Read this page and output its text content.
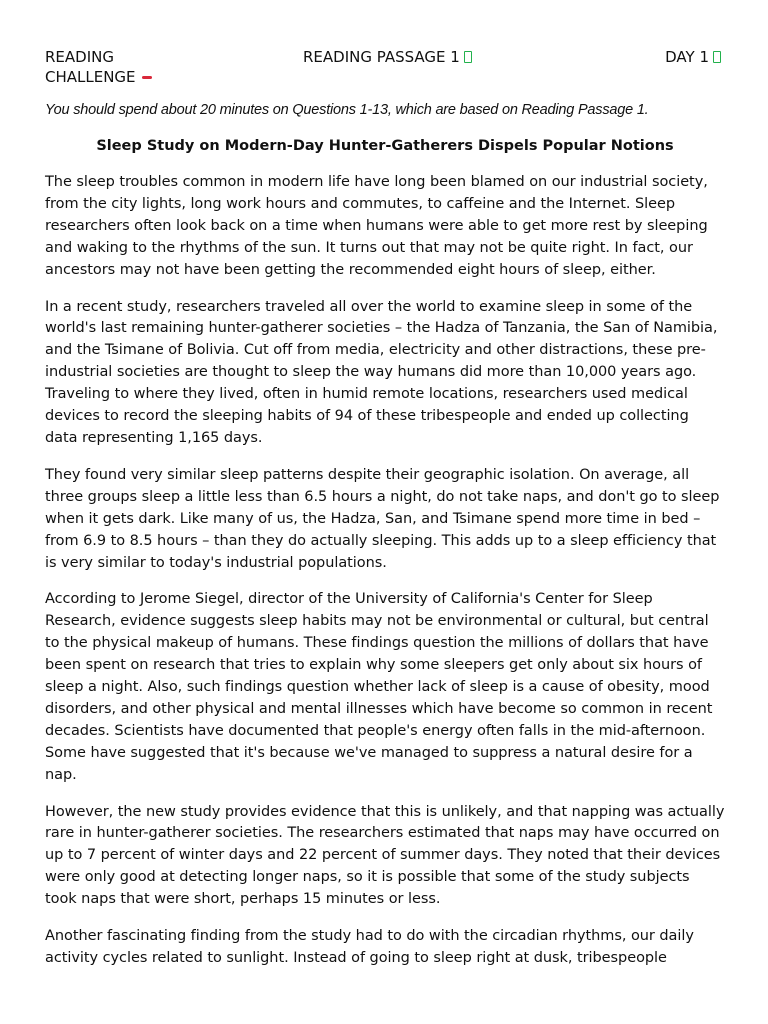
READING CHALLENGE
READING PASSAGE 1	DAY 1

You should spend about 20 minutes on Questions 1-13, which are based on Reading Passage 1.

Sleep Study on Modern-Day Hunter-Gatherers Dispels Popular Notions

The sleep troubles common in modern life have long been blamed on our industrial society, from the city lights, long work hours and commutes, to caffeine and the Internet. Sleep researchers often look back on a time when humans were able to get more rest by sleeping and waking to the rhythms of the sun. It turns out that may not be quite right. In fact, our ancestors may not have been getting the recommended eight hours of sleep, either.

In a recent study, researchers traveled all over the world to examine sleep in some of the world's last remaining hunter-gatherer societies – the Hadza of Tanzania, the San of Namibia, and the Tsimane of Bolivia. Cut off from media, electricity and other distractions, these pre-industrial societies are thought to sleep the way humans did more than 10,000 years ago. Traveling to where they lived, often in humid remote locations, researchers used medical devices to record the sleeping habits of 94 of these tribespeople and ended up collecting data representing 1,165 days.

They found very similar sleep patterns despite their geographic isolation. On average, all three groups sleep a little less than 6.5 hours a night, do not take naps, and don't go to sleep when it gets dark. Like many of us, the Hadza, San, and Tsimane spend more time in bed – from 6.9 to 8.5 hours – than they do actually sleeping. This adds up to a sleep efficiency that is very similar to today's industrial populations.

According to Jerome Siegel, director of the University of California's Center for Sleep Research, evidence suggests sleep habits may not be environmental or cultural, but central to the physical makeup of humans. These findings question the millions of dollars that have been spent on research that tries to explain why some sleepers get only about six hours of sleep a night. Also, such findings question whether lack of sleep is a cause of obesity, mood disorders, and other physical and mental illnesses which have become so common in recent decades. Scientists have documented that people's energy often falls in the mid-afternoon. Some have suggested that it's because we've managed to suppress a natural desire for a nap.

However, the new study provides evidence that this is unlikely, and that napping was actually rare in hunter-gatherer societies. The researchers estimated that naps may have occurred on up to 7 percent of winter days and 22 percent of summer days. They noted that their devices were only good at detecting longer naps, so it is possible that some of the study subjects took naps that were short, perhaps 15 minutes or less.

Another fascinating finding from the study had to do with the circadian rhythms, our daily activity cycles related to sunlight. Instead of going to sleep right at dusk, tribespeople
